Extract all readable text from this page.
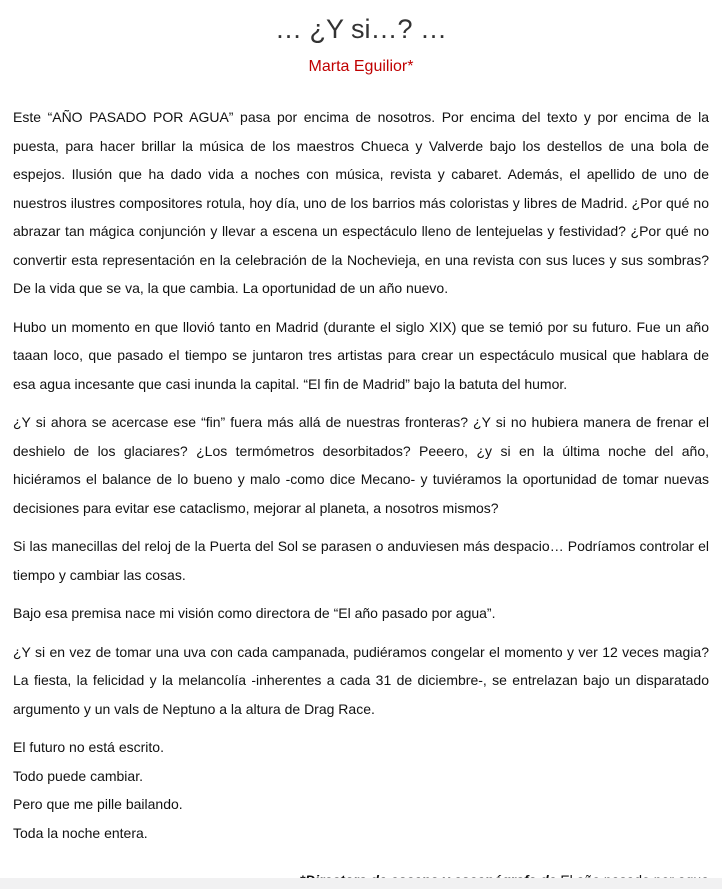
… ¿Y si…? …
Marta Eguilior*

Este “AÑO PASADO POR AGUA” pasa por encima de nosotros. Por encima del texto y por encima de la puesta, para hacer brillar la música de los maestros Chueca y Valverde bajo los destellos de una bola de espejos. Ilusión que ha dado vida a noches con música, revista y cabaret. Además, el apellido de uno de nuestros ilustres compositores rotula, hoy día, uno de los barrios más coloristas y libres de Madrid. ¿Por qué no abrazar tan mágica conjunción y llevar a escena un espectáculo lleno de lentejuelas y festividad? ¿Por qué no convertir esta representación en la celebración de la Nochevieja, en una revista con sus luces y sus sombras? De la vida que se va, la que cambia. La oportunidad de un año nuevo.

Hubo un momento en que llovió tanto en Madrid (durante el siglo XIX) que se temió por su futuro. Fue un año taaan loco, que pasado el tiempo se juntaron tres artistas para crear un espectáculo musical que hablara de esa agua incesante que casi inunda la capital. “El fin de Madrid” bajo la batuta del humor.

¿Y si ahora se acercase ese “fin” fuera más allá de nuestras fronteras? ¿Y si no hubiera manera de frenar el deshielo de los glaciares? ¿Los termómetros desorbitados? Peeero, ¿y si en la última noche del año, hiciéramos el balance de lo bueno y malo -como dice Mecano- y tuviéramos la oportunidad de tomar nuevas decisiones para evitar ese cataclismo, mejorar al planeta, a nosotros mismos?

Si las manecillas del reloj de la Puerta del Sol se parasen o anduviesen más despacio… Podríamos controlar el tiempo y cambiar las cosas.

Bajo esa premisa nace mi visión como directora de “El año pasado por agua”.

¿Y si en vez de tomar una uva con cada campanada, pudiéramos congelar el momento y ver 12 veces magia? La fiesta, la felicidad y la melancolía -inherentes a cada 31 de diciembre-, se entrelazan bajo un disparatado argumento y un vals de Neptuno a la altura de Drag Race.

El futuro no está escrito.

Todo puede cambiar.

Pero que me pille bailando.

Toda la noche entera.
